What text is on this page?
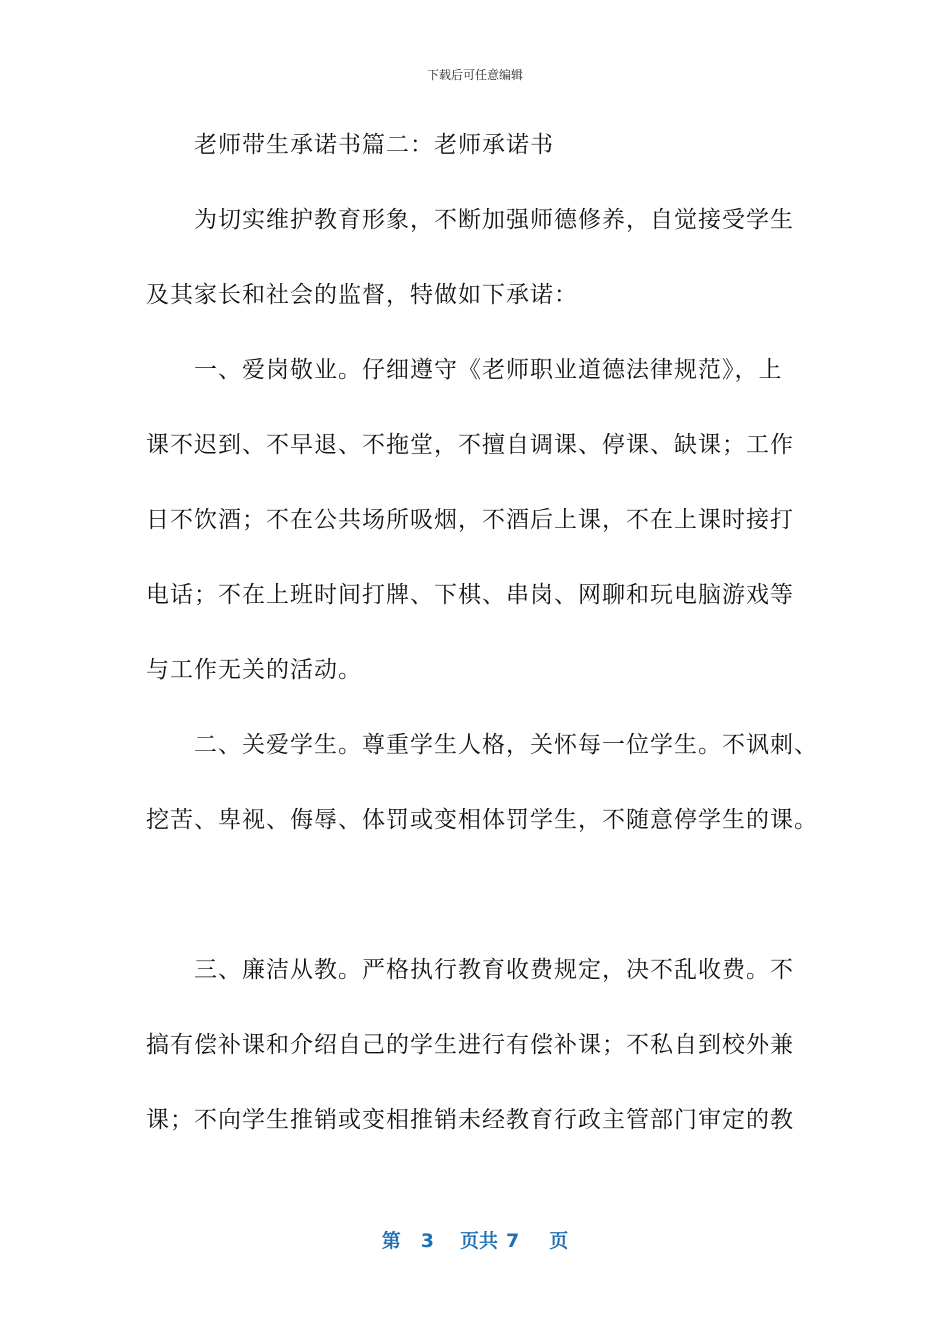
下载后可任意编辑
老师带生承诺书篇二：老师承诺书
为切实维护教育形象，不断加强师德修养，自觉接受学生
及其家长和社会的监督，特做如下承诺：
一、爱岗敬业。仔细遵守《老师职业道德法律规范》，上
课不迟到、不早退、不拖堂，不擅自调课、停课、缺课；工作
日不饮酒；不在公共场所吸烟，不酒后上课，不在上课时接打
电话；不在上班时间打牌、下棋、串岗、网聊和玩电脑游戏等
与工作无关的活动。
二、关爱学生。尊重学生人格，关怀每一位学生。不讽刺、
挖苦、卑视、侮辱、体罚或变相体罚学生，不随意停学生的课。
三、廉洁从教。严格执行教育收费规定，决不乱收费。不
搞有偿补课和介绍自己的学生进行有偿补课；不私自到校外兼
课；不向学生推销或变相推销未经教育行政主管部门审定的教
第 3 页共 7 页
